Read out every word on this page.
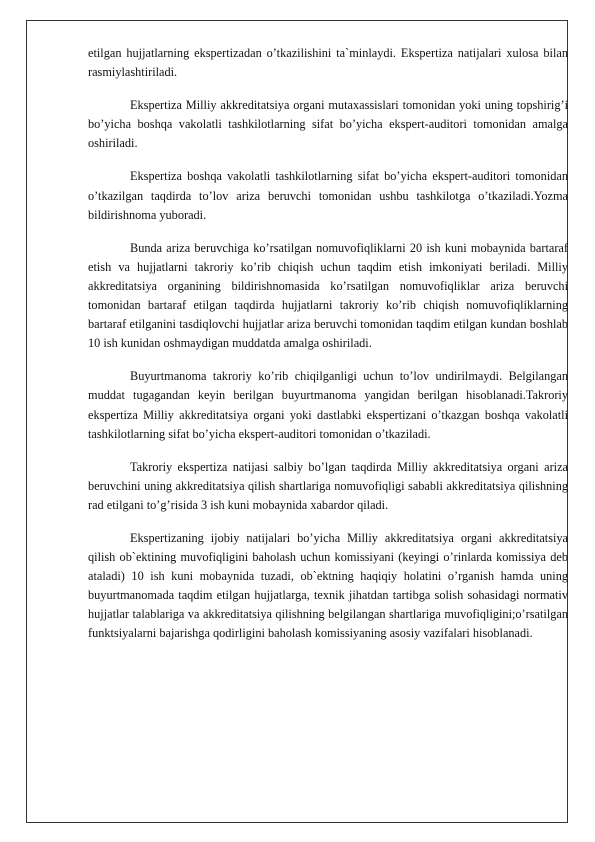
etilgan hujjatlarning ekspertizadan o’tkazilishini ta`minlaydi. Ekspertiza natijalari xulosa bilan rasmiylashtiriladi.

Ekspertiza Milliy akkreditatsiya organi mutaxassislari tomonidan yoki uning topshirig’i bo’yicha boshqa vakolatli tashkilotlarning sifat bo’yicha ekspert-auditori tomonidan amalga oshiriladi.

Ekspertiza boshqa vakolatli tashkilotlarning sifat bo’yicha ekspert-auditori tomonidan o’tkazilgan taqdirda to’lov ariza beruvchi tomonidan ushbu tashkilotga o’tkaziladi.Yozma bildirishnoma yuboradi.

Bunda ariza beruvchiga ko’rsatilgan nomuvofiqliklarni 20 ish kuni mobaynida bartaraf etish va hujjatlarni takroriy ko’rib chiqish uchun taqdim etish imkoniyati beriladi. Milliy akkreditatsiya organining bildirishnomasida ko’rsatilgan nomuvofiqliklar ariza beruvchi tomonidan bartaraf etilgan taqdirda hujjatlarni takroriy ko’rib chiqish nomuvofiqliklarning bartaraf etilganini tasdiqlovchi hujjatlar ariza beruvchi tomonidan taqdim etilgan kundan boshlab 10 ish kunidan oshmaydigan muddatda amalga oshiriladi.

Buyurtmanoma takroriy ko’rib chiqilganligi uchun to’lov undirilmaydi. Belgilangan muddat tugagandan keyin berilgan buyurtmanoma yangidan berilgan hisoblanadi.Takroriy ekspertiza Milliy akkreditatsiya organi yoki dastlabki ekspertizani o’tkazgan boshqa vakolatli tashkilotlarning sifat bo’yicha ekspert-auditori tomonidan o’tkaziladi.

Takroriy ekspertiza natijasi salbiy bo’lgan taqdirda Milliy akkreditatsiya organi ariza beruvchini uning akkreditatsiya qilish shartlariga nomuvofiqligi sababli akkreditatsiya qilishning rad etilgani to’g’risida 3 ish kuni mobaynida xabardor qiladi.

Ekspertizaning ijobiy natijalari bo’yicha Milliy akkreditatsiya organi akkreditatsiya qilish ob`ektining muvofiqligini baholash uchun komissiyani (keyingi o’rinlarda komissiya deb ataladi) 10 ish kuni mobaynida tuzadi, ob`ektning haqiqiy holatini o’rganish hamda uning buyurtmanomada taqdim etilgan hujjatlarga, texnik jihatdan tartibga solish sohasidagi normativ hujjatlar talablariga va akkreditatsiya qilishning belgilangan shartlariga muvofiqligini;o’rsatilgan funktsiyalarni bajarishga qodirligini baholash komissiyaning asosiy vazifalari hisoblanadi.
